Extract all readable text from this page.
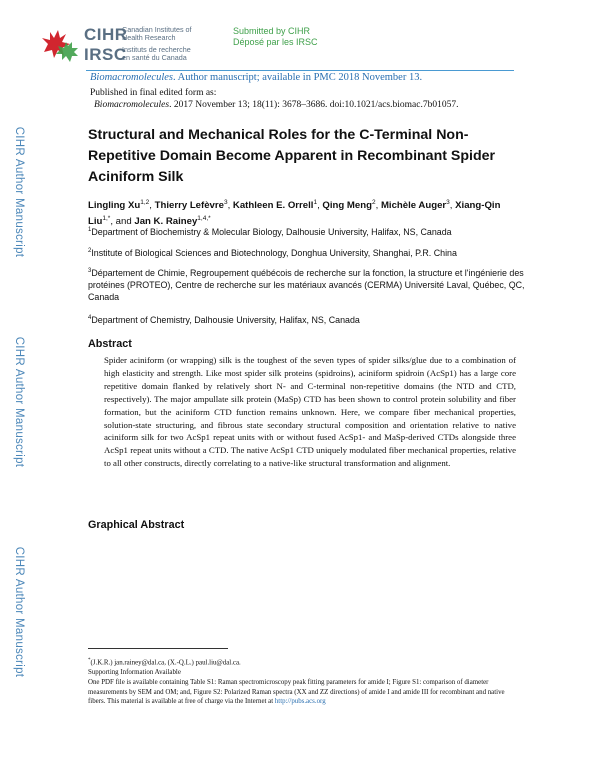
CIHR
IRSC
Canadian Institutes of
Health Research
Instituts de recherche
en santé du Canada
Submitted by CIHR
Déposé par les IRSC
Biomacromolecules. Author manuscript; available in PMC 2018 November 13.
Published in final edited form as:
Biomacromolecules. 2017 November 13; 18(11): 3678–3686. doi:10.1021/acs.biomac.7b01057.
CIHR Author Manuscript
CIHR Author Manuscript
CIHR Author Manuscript
Structural and Mechanical Roles for the C-Terminal Non-Repetitive Domain Become Apparent in Recombinant Spider Aciniform Silk
Lingling Xu$^{1,2}$, Thierry Lefèvre$^3$, Kathleen E. Orrell$^1$, Qing Meng$^2$, Michèle Auger$^3$, Xiang-Qin Liu$^{1,*}$, and Jan K. Rainey$^{1,4,*}$
$^1$Department of Biochemistry & Molecular Biology, Dalhousie University, Halifax, NS, Canada
$^2$Institute of Biological Sciences and Biotechnology, Donghua University, Shanghai, P.R. China
$^3$Département de Chimie, Regroupement québécois de recherche sur la fonction, la structure et l'ingénierie des protéines (PROTEO), Centre de recherche sur les matériaux avancés (CERMA) Université Laval, Québec, QC, Canada
$^4$Department of Chemistry, Dalhousie University, Halifax, NS, Canada
Abstract
Spider aciniform (or wrapping) silk is the toughest of the seven types of spider silks/glue due to a combination of high elasticity and strength. Like most spider silk proteins (spidroins), aciniform spidroin (AcSp1) has a large core repetitive domain flanked by relatively short N- and C-terminal non-repetitive domains (the NTD and CTD, respectively). The major ampullate silk protein (MaSp) CTD has been shown to control protein solubility and fiber formation, but the aciniform CTD function remains unknown. Here, we compare fiber mechanical properties, solution-state structuring, and fibrous state secondary structural composition and orientation relative to native aciniform silk for two AcSp1 repeat units with or without fused AcSp1- and MaSp-derived CTDs alongside three AcSp1 repeat units without a CTD. The native AcSp1 CTD uniquely modulated fiber mechanical properties, relative to all other constructs, directly correlating to a native-like structural transformation and alignment.
Graphical Abstract
*(J.K.R.) jan.rainey@dal.ca, (X.-Q.L.) paul.liu@dal.ca.
Supporting Information Available
One PDF file is available containing Table S1: Raman spectromicroscopy peak fitting parameters for amide I; Figure S1: comparison of diameter measurements by SEM and OM; and, Figure S2: Polarized Raman spectra (XX and ZZ directions) of amide I and amide III for recombinant and native fibers. This material is available at free of charge via the Internet at http://pubs.acs.org
